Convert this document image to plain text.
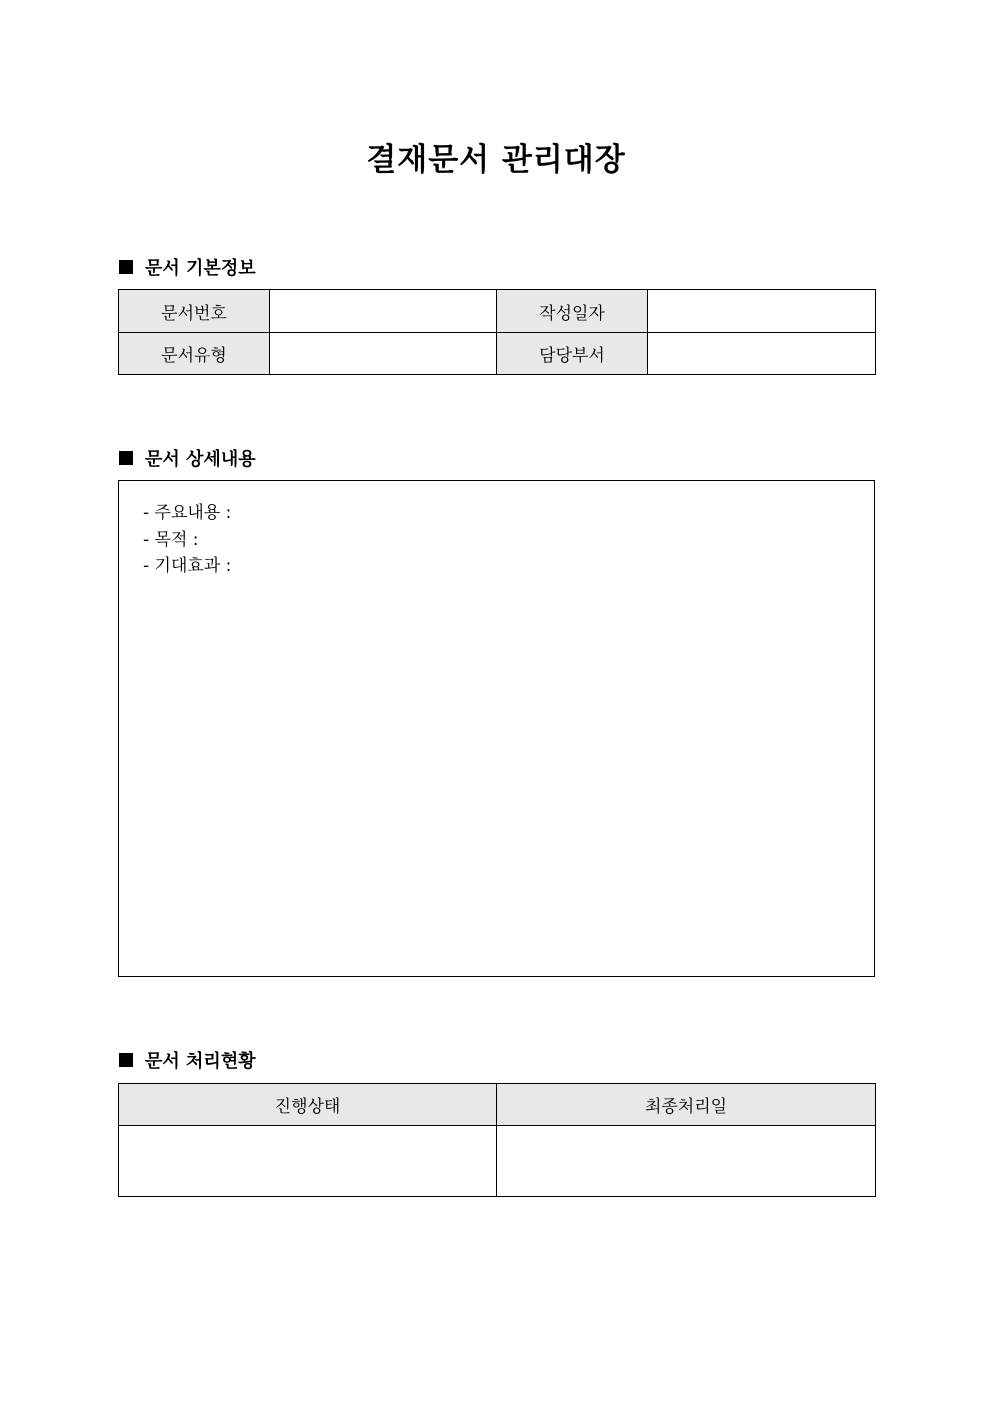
결재문서 관리대장
문서 기본정보
문서번호		작성일자	
문서유형		담당부서	
문서 상세내용
- 주요내용 :
- 목적 :
- 기대효과 :
문서 처리현황
진행상태	최종처리일
